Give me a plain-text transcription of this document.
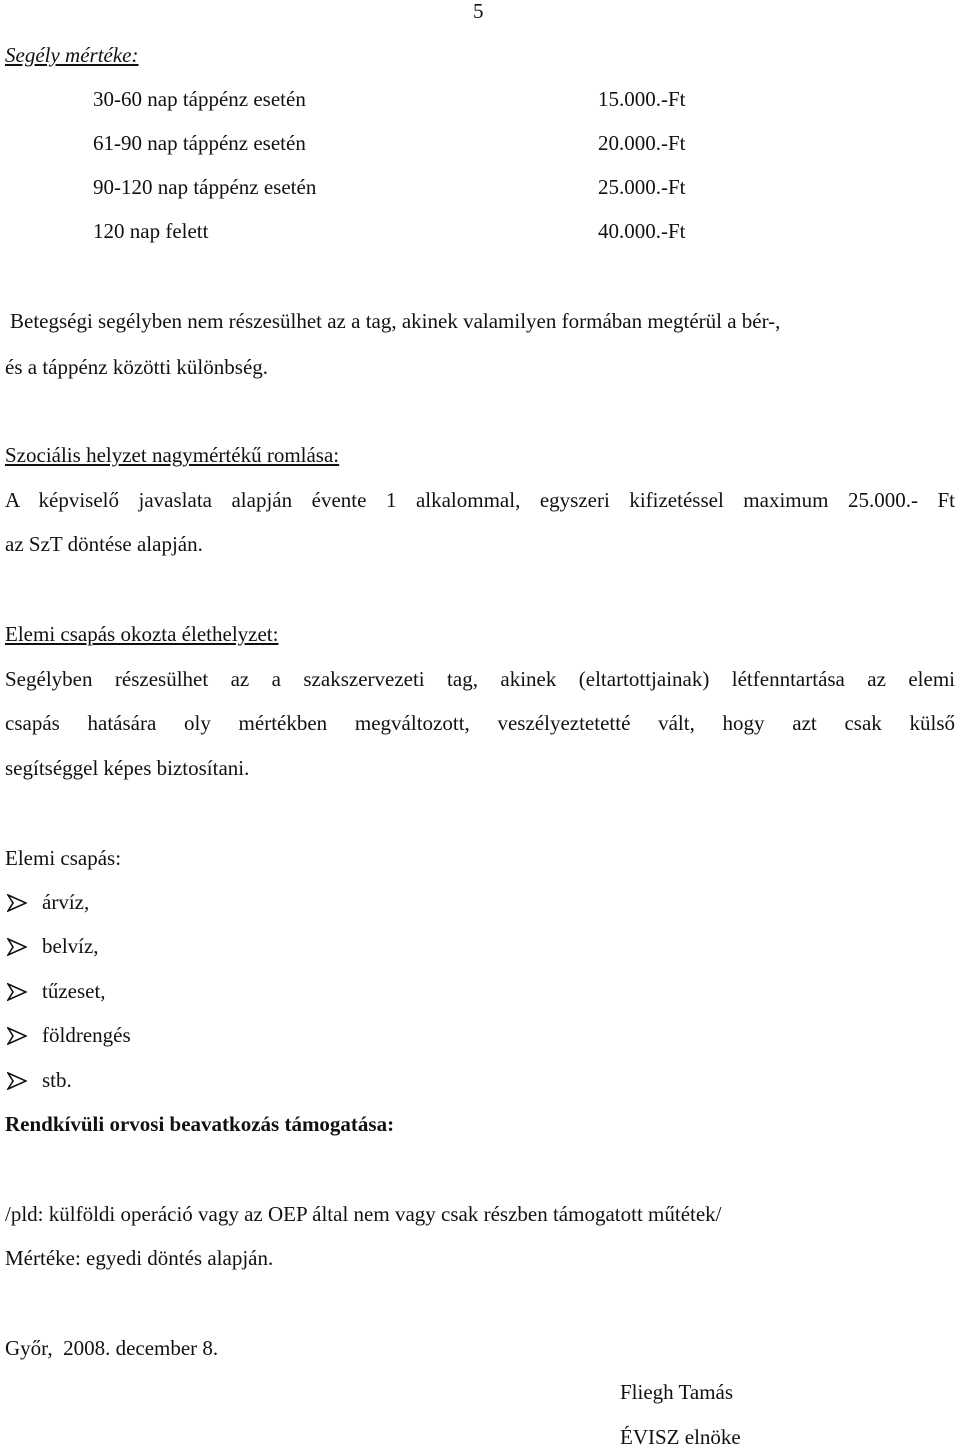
5
Segély mértéke:
30-60 nap táppénz esetén	15.000.-Ft
61-90 nap táppénz esetén	20.000.-Ft
90-120 nap táppénz esetén	25.000.-Ft
120 nap felett	40.000.-Ft
Betegségi segélyben nem részesülhet az a tag, akinek valamilyen formában megtérül a bér-,
és a táppénz közötti különbség.
Szociális helyzet nagymértékű romlása:
A képviselő javaslata alapján évente 1 alkalommal, egyszeri kifizetéssel maximum 25.000.- Ft
az SzT döntése alapján.
Elemi csapás okozta élethelyzet:
Segélyben részesülhet az a szakszervezeti tag, akinek (eltartottjainak) létfenntartása az elemi
csapás hatására oly mértékben megváltozott, veszélyeztetetté vált, hogy azt csak külső
segítséggel képes biztosítani.
Elemi csapás:
árvíz,
belvíz,
tűzeset,
földrengés
stb.
Rendkívüli orvosi beavatkozás támogatása:
/pld: külföldi operáció vagy az OEP által nem vagy csak részben támogatott műtétek/
Mértéke: egyedi döntés alapján.
Győr,  2008. december 8.
Fliegh Tamás
ÉVISZ elnöke
